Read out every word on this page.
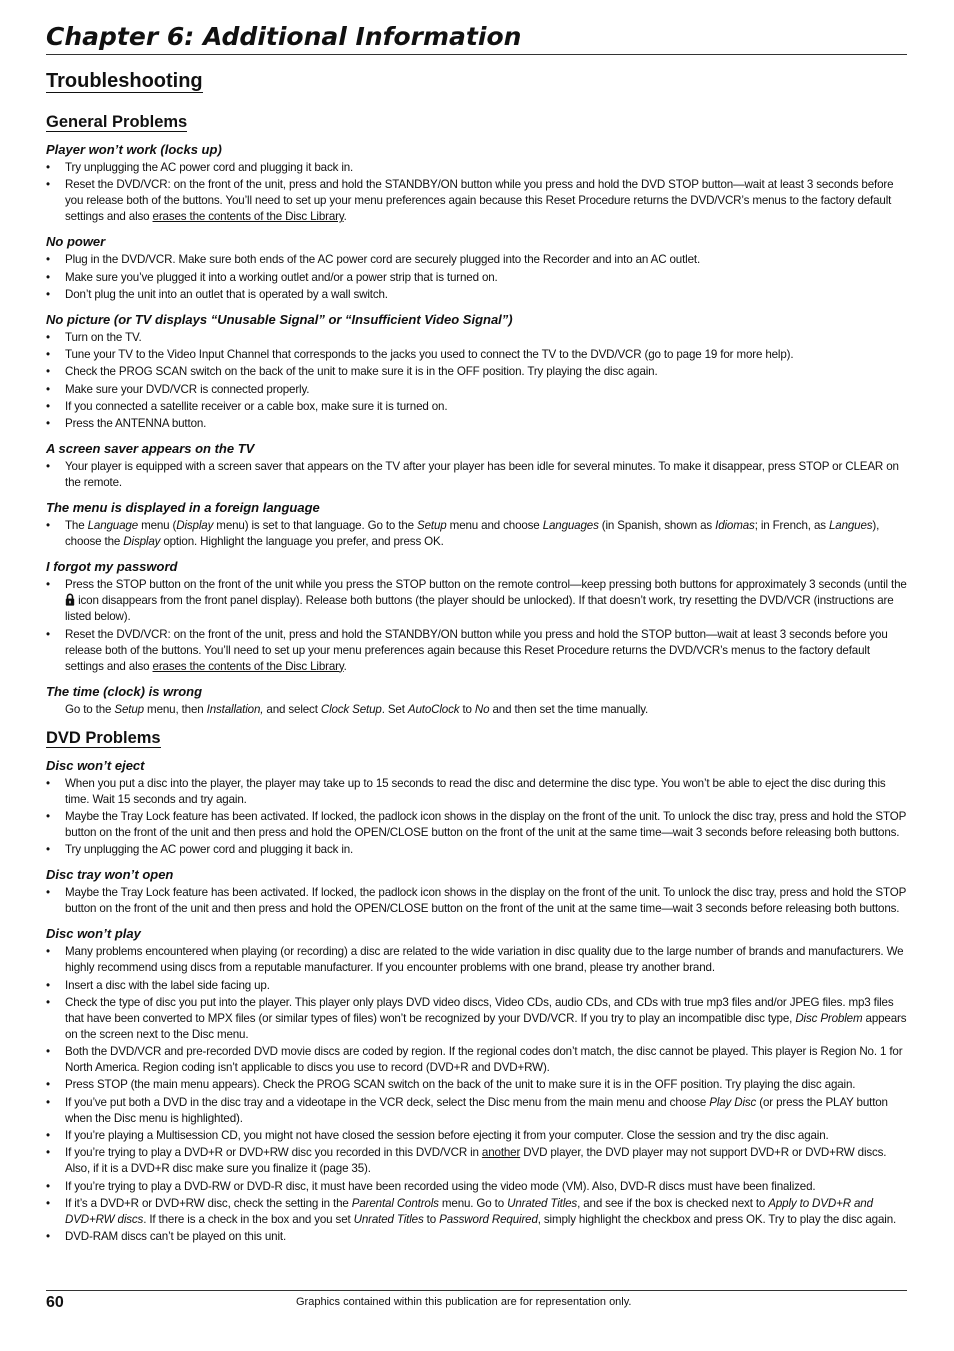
Chapter 6: Additional Information
Troubleshooting
General Problems
Player won’t work (locks up)
• Try unplugging the AC power cord and plugging it back in.
• Reset the DVD/VCR: on the front of the unit, press and hold the STANDBY/ON button while you press and hold the DVD STOP button—wait at least 3 seconds before you release both of the buttons. You’ll need to set up your menu preferences again because this Reset Procedure returns the DVD/VCR’s menus to the factory default settings and also erases the contents of the Disc Library.
No power
• Plug in the DVD/VCR. Make sure both ends of the AC power cord are securely plugged into the Recorder and into an AC outlet.
• Make sure you’ve plugged it into a working outlet and/or a power strip that is turned on.
• Don’t plug the unit into an outlet that is operated by a wall switch.
No picture (or TV displays “Unusable Signal” or “Insufficient Video Signal”)
• Turn on the TV.
• Tune your TV to the Video Input Channel that corresponds to the jacks you used to connect the TV to the DVD/VCR (go to page 19 for more help).
• Check the PROG SCAN switch on the back of the unit to make sure it is in the OFF position. Try playing the disc again.
• Make sure your DVD/VCR is connected properly.
• If you connected a satellite receiver or a cable box, make sure it is turned on.
• Press the ANTENNA button.
A screen saver appears on the TV
• Your player is equipped with a screen saver that appears on the TV after your player has been idle for several minutes. To make it disappear, press STOP or CLEAR on the remote.
The menu is displayed in a foreign language
• The Language menu (Display menu) is set to that language. Go to the Setup menu and choose Languages (in Spanish, shown as Idiomas; in French, as Langues), choose the Display option. Highlight the language you prefer, and press OK.
I forgot my password
• Press the STOP button on the front of the unit while you press the STOP button on the remote control—keep pressing both buttons for approximately 3 seconds (until the  icon disappears from the front panel display). Release both buttons (the player should be unlocked). If that doesn’t work, try resetting the DVD/VCR (instructions are listed below).
• Reset the DVD/VCR: on the front of the unit, press and hold the STANDBY/ON button while you press and hold the STOP button—wait at least 3 seconds before you release both of the buttons. You’ll need to set up your menu preferences again because this Reset Procedure returns the DVD/VCR’s menus to the factory default settings and also erases the contents of the Disc Library.
The time (clock) is wrong

Go to the Setup menu, then Installation, and select Clock Setup. Set AutoClock to No and then set the time manually.

DVD Problems
Disc won’t eject
• When you put a disc into the player, the player may take up to 15 seconds to read the disc and determine the disc type. You won’t be able to eject the disc during this time. Wait 15 seconds and try again.
• Maybe the Tray Lock feature has been activated. If locked, the padlock icon shows in the display on the front of the unit. To unlock the disc tray, press and hold the STOP button on the front of the unit and then press and hold the OPEN/CLOSE button on the front of the unit at the same time—wait 3 seconds before releasing both buttons.
• Try unplugging the AC power cord and plugging it back in.
Disc tray won’t open
• Maybe the Tray Lock feature has been activated. If locked, the padlock icon shows in the display on the front of the unit. To unlock the disc tray, press and hold the STOP button on the front of the unit and then press and hold the OPEN/CLOSE button on the front of the unit at the same time—wait 3 seconds before releasing both buttons.
Disc won’t play
• Many problems encountered when playing (or recording) a disc are related to the wide variation in disc quality due to the large number of brands and manufacturers. We highly recommend using discs from a reputable manufacturer. If you encounter problems with one brand, please try another brand.
• Insert a disc with the label side facing up.
• Check the type of disc you put into the player. This player only plays DVD video discs, Video CDs, audio CDs, and CDs with true mp3 files and/or JPEG files. mp3 files that have been converted to MPX files (or similar types of files) won’t be recognized by your DVD/VCR. If you try to play an incompatible disc type, Disc Problem appears on the screen next to the Disc menu.
• Both the DVD/VCR and pre-recorded DVD movie discs are coded by region. If the regional codes don’t match, the disc cannot be played. This player is Region No. 1 for North America. Region coding isn’t applicable to discs you use to record (DVD+R and DVD+RW).
• Press STOP (the main menu appears). Check the PROG SCAN switch on the back of the unit to make sure it is in the OFF position. Try playing the disc again.
• If you’ve put both a DVD in the disc tray and a videotape in the VCR deck, select the Disc menu from the main menu and choose Play Disc (or press the PLAY button when the Disc menu is highlighted).
• If you’re playing a Multisession CD, you might not have closed the session before ejecting it from your computer. Close the session and try the disc again.
• If you’re trying to play a DVD+R or DVD+RW disc you recorded in this DVD/VCR in another DVD player, the DVD player may not support DVD+R or DVD+RW discs. Also, if it is a DVD+R disc make sure you finalize it (page 35).
• If you’re trying to play a DVD-RW or DVD-R disc, it must have been recorded using the video mode (VM). Also, DVD-R discs must have been finalized.
• If it’s a DVD+R or DVD+RW disc, check the setting in the Parental Controls menu. Go to Unrated Titles, and see if the box is checked next to Apply to DVD+R and DVD+RW discs. If there is a check in the box and you set Unrated Titles to Password Required, simply highlight the checkbox and press OK. Try to play the disc again.
• DVD-RAM discs can’t be played on this unit.
60	Graphics contained within this publication are for representation only.
